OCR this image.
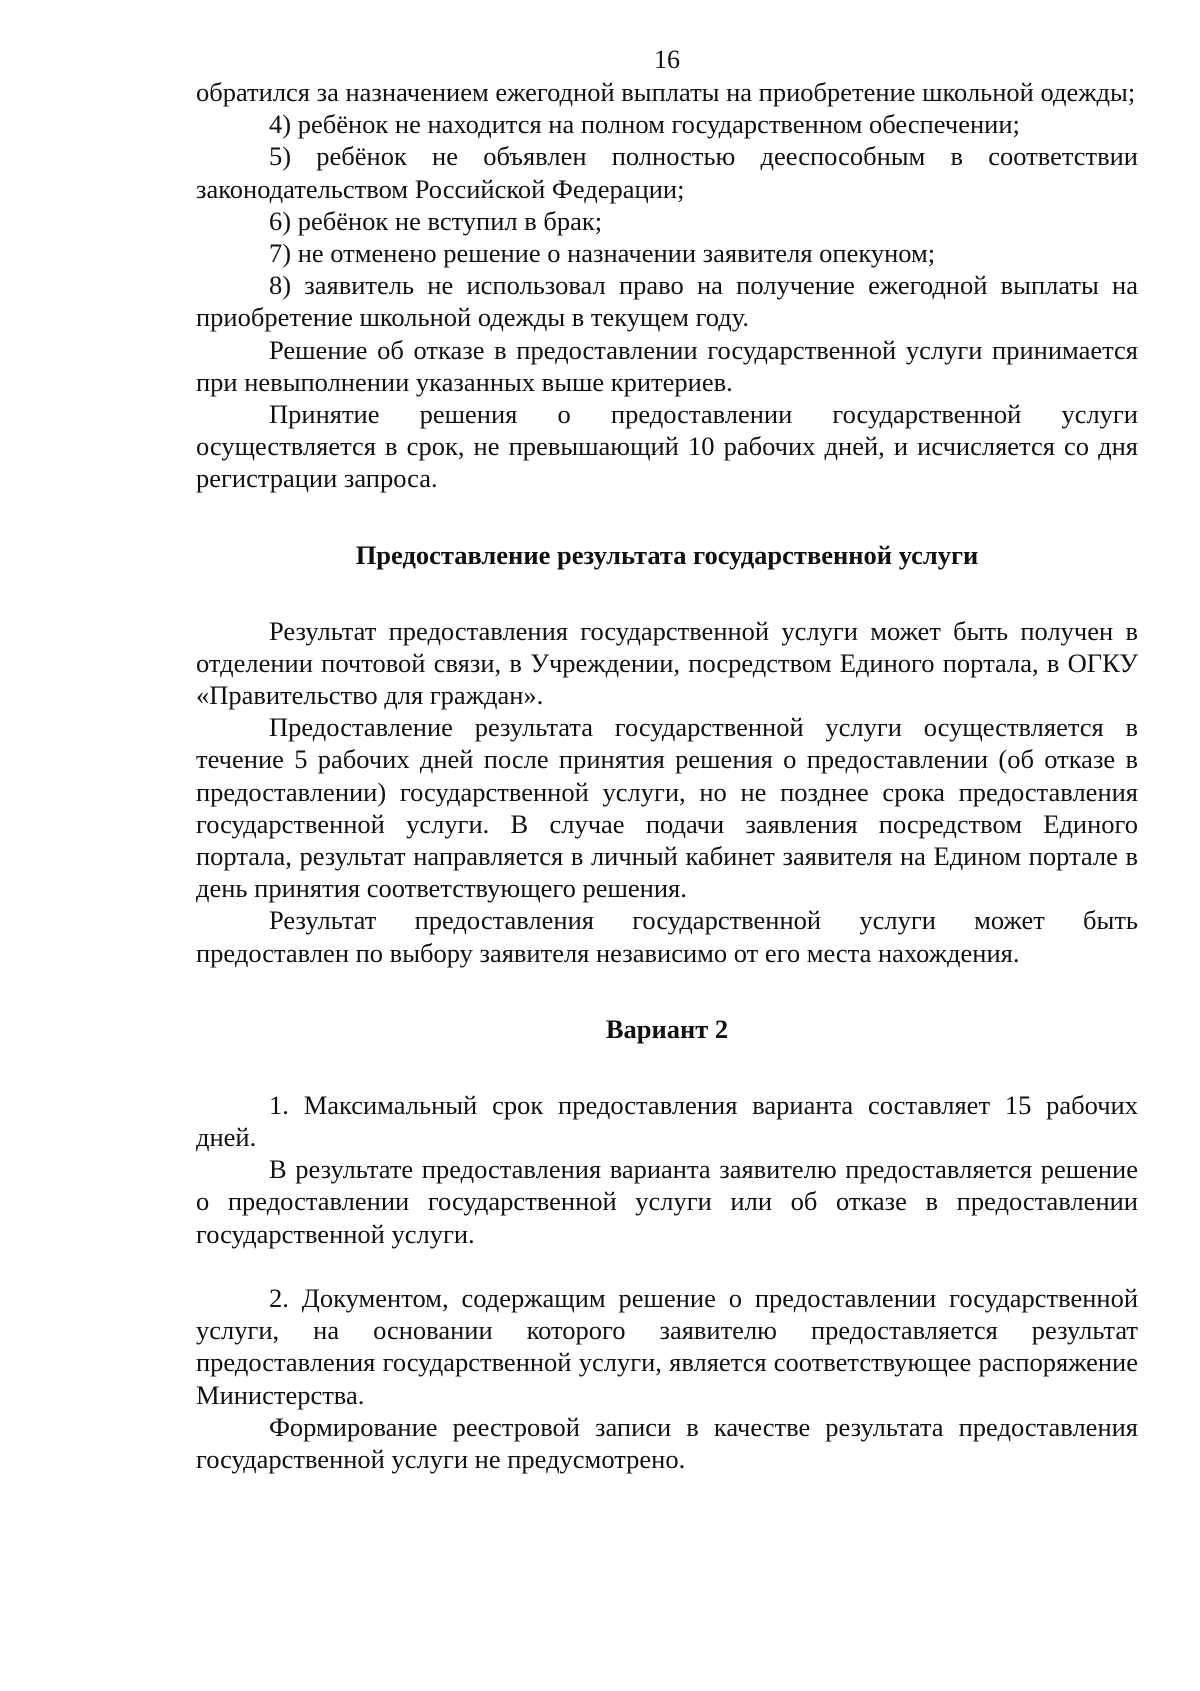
16

обратился за назначением ежегодной выплаты на приобретение школьной одежды;

4) ребёнок не находится на полном государственном обеспечении;

5) ребёнок не объявлен полностью дееспособным в соответствии законодательством Российской Федерации;

6) ребёнок не вступил в брак;

7) не отменено решение о назначении заявителя опекуном;

8) заявитель не использовал право на получение ежегодной выплаты на приобретение школьной одежды в текущем году.

Решение об отказе в предоставлении государственной услуги принимается при невыполнении указанных выше критериев.

Принятие решения о предоставлении государственной услуги осуществляется в срок, не превышающий 10 рабочих дней, и исчисляется со дня регистрации запроса.

Предоставление результата государственной услуги

Результат предоставления государственной услуги может быть получен в отделении почтовой связи, в Учреждении, посредством Единого портала, в ОГКУ «Правительство для граждан».

Предоставление результата государственной услуги осуществляется в течение 5 рабочих дней после принятия решения о предоставлении (об отказе в предоставлении) государственной услуги, но не позднее срока предоставления государственной услуги. В случае подачи заявления посредством Единого портала, результат направляется в личный кабинет заявителя на Едином портале в день принятия соответствующего решения.

Результат предоставления государственной услуги может быть предоставлен по выбору заявителя независимо от его места нахождения.

Вариант 2

1. Максимальный срок предоставления варианта составляет 15 рабочих дней.

В результате предоставления варианта заявителю предоставляется решение о предоставлении государственной услуги или об отказе в предоставлении государственной услуги.

2. Документом, содержащим решение о предоставлении государственной услуги, на основании которого заявителю предоставляется результат предоставления государственной услуги, является соответствующее распоряжение Министерства.

Формирование реестровой записи в качестве результата предоставления государственной услуги не предусмотрено.
